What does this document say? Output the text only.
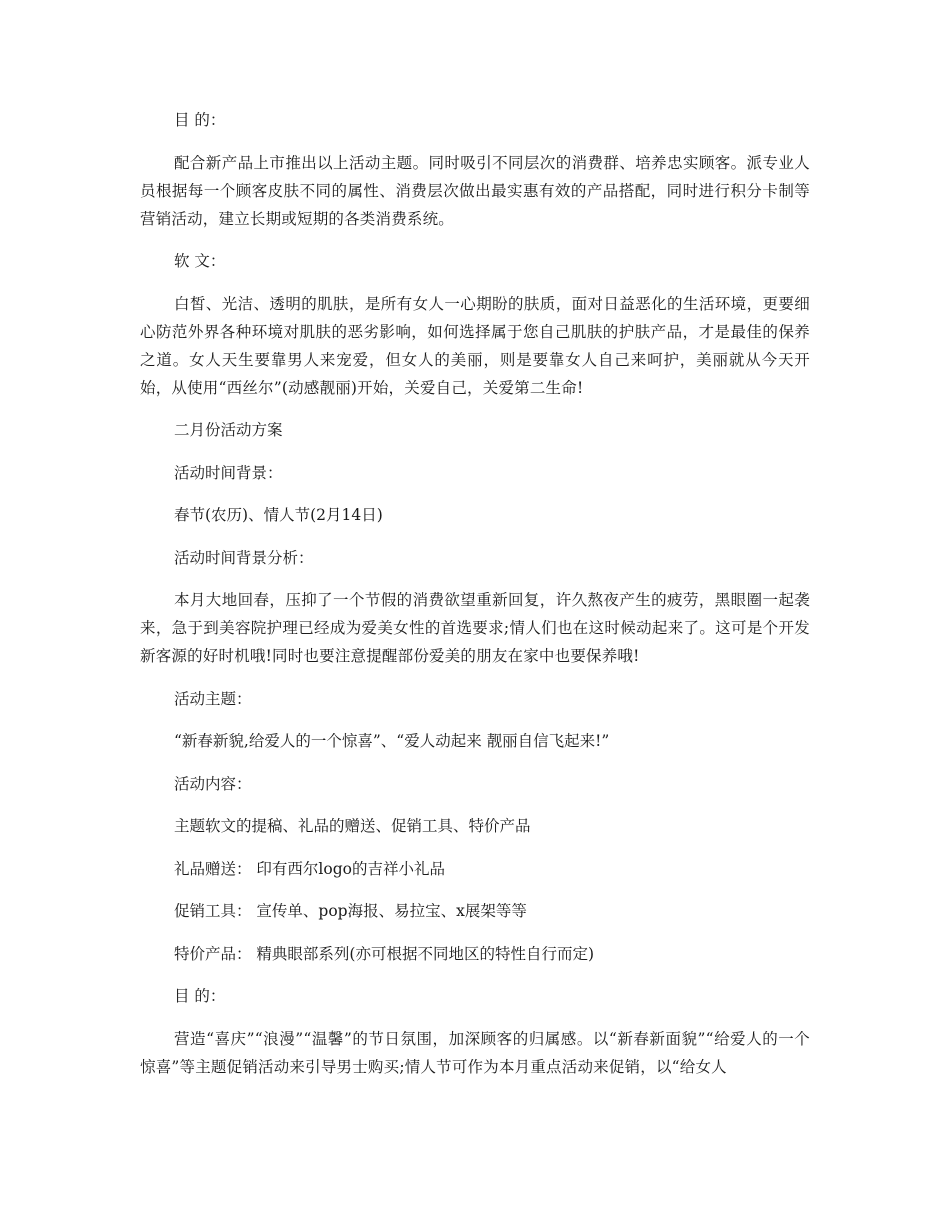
目 的：

配合新产品上市推出以上活动主题。同时吸引不同层次的消费群、培养忠实顾客。派专业人员根据每一个顾客皮肤不同的属性、消费层次做出最实惠有效的产品搭配，同时进行积分卡制等营销活动，建立长期或短期的各类消费系统。

软 文：

白皙、光洁、透明的肌肤，是所有女人一心期盼的肤质，面对日益恶化的生活环境，更要细心防范外界各种环境对肌肤的恶劣影响，如何选择属于您自己肌肤的护肤产品，才是最佳的保养之道。女人天生要靠男人来宠爱，但女人的美丽，则是要靠女人自己来呵护，美丽就从今天开始，从使用“西丝尔”(动感靓丽)开始，关爱自己，关爱第二生命!

二月份活动方案

活动时间背景：

春节(农历)、情人节(2月14日)

活动时间背景分析：

本月大地回春，压抑了一个节假的消费欲望重新回复，许久熬夜产生的疲劳，黑眼圈一起袭来，急于到美容院护理已经成为爱美女性的首选要求;情人们也在这时候动起来了。这可是个开发新客源的好时机哦!同时也要注意提醒部份爱美的朋友在家中也要保养哦!

活动主题：

“新春新貌,给爱人的一个惊喜”、“爱人动起来 靓丽自信飞起来!”

活动内容：

主题软文的提稿、礼品的赠送、促销工具、特价产品

礼品赠送： 印有西尔logo的吉祥小礼品

促销工具： 宣传单、pop海报、易拉宝、x展架等等

特价产品： 精典眼部系列(亦可根据不同地区的特性自行而定)

目 的：

营造“喜庆”“浪漫”“温馨”的节日氛围，加深顾客的归属感。以“新春新面貌”“给爱人的一个惊喜”等主题促销活动来引导男士购买;情人节可作为本月重点活动来促销，以“给女人
